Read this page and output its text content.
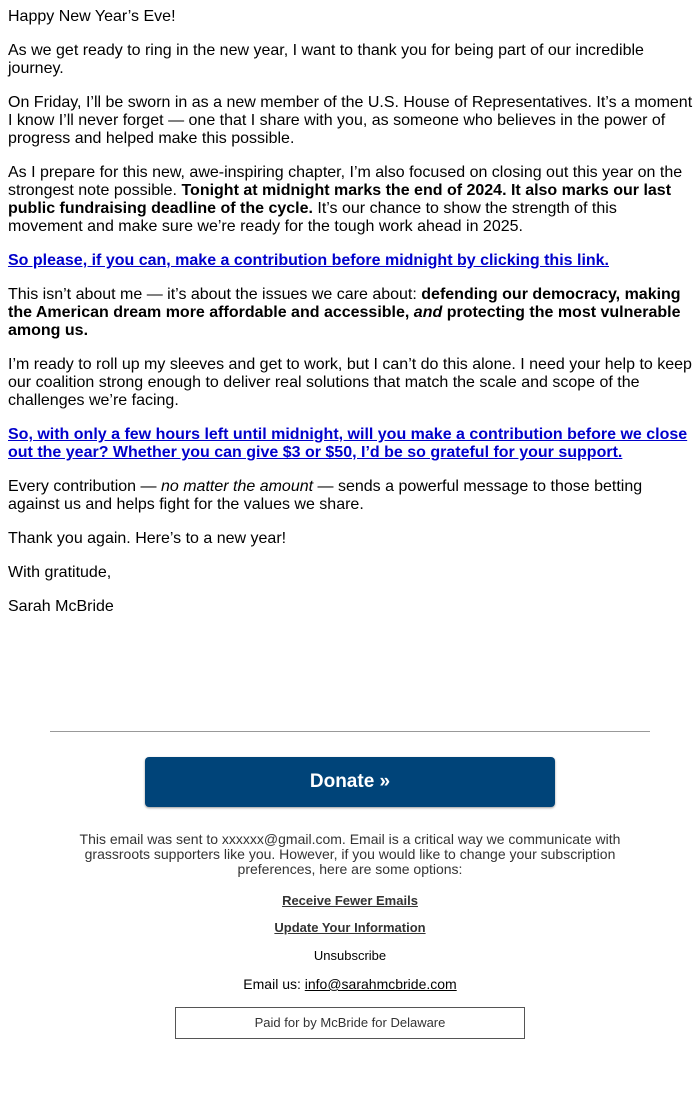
Happy New Year’s Eve!

As we get ready to ring in the new year, I want to thank you for being part of our incredible journey.

On Friday, I’ll be sworn in as a new member of the U.S. House of Representatives. It’s a moment I know I’ll never forget — one that I share with you, as someone who believes in the power of progress and helped make this possible.

As I prepare for this new, awe-inspiring chapter, I’m also focused on closing out this year on the strongest note possible. Tonight at midnight marks the end of 2024. It also marks our last public fundraising deadline of the cycle. It’s our chance to show the strength of this movement and make sure we’re ready for the tough work ahead in 2025.

So please, if you can, make a contribution before midnight by clicking this link.

This isn’t about me — it’s about the issues we care about: defending our democracy, making the American dream more affordable and accessible, and protecting the most vulnerable among us.

I’m ready to roll up my sleeves and get to work, but I can’t do this alone. I need your help to keep our coalition strong enough to deliver real solutions that match the scale and scope of the challenges we’re facing.

So, with only a few hours left until midnight, will you make a contribution before we close out the year? Whether you can give $3 or $50, I’d be so grateful for your support.

Every contribution — no matter the amount — sends a powerful message to those betting against us and helps fight for the values we share.

Thank you again. Here’s to a new year!

With gratitude,

Sarah McBride

Donate »

This email was sent to xxxxxx@gmail.com. Email is a critical way we communicate with grassroots supporters like you. However, if you would like to change your subscription preferences, here are some options:

Receive Fewer Emails
Update Your Information
Unsubscribe
Email us: info@sarahmcbride.com
Paid for by McBride for Delaware
